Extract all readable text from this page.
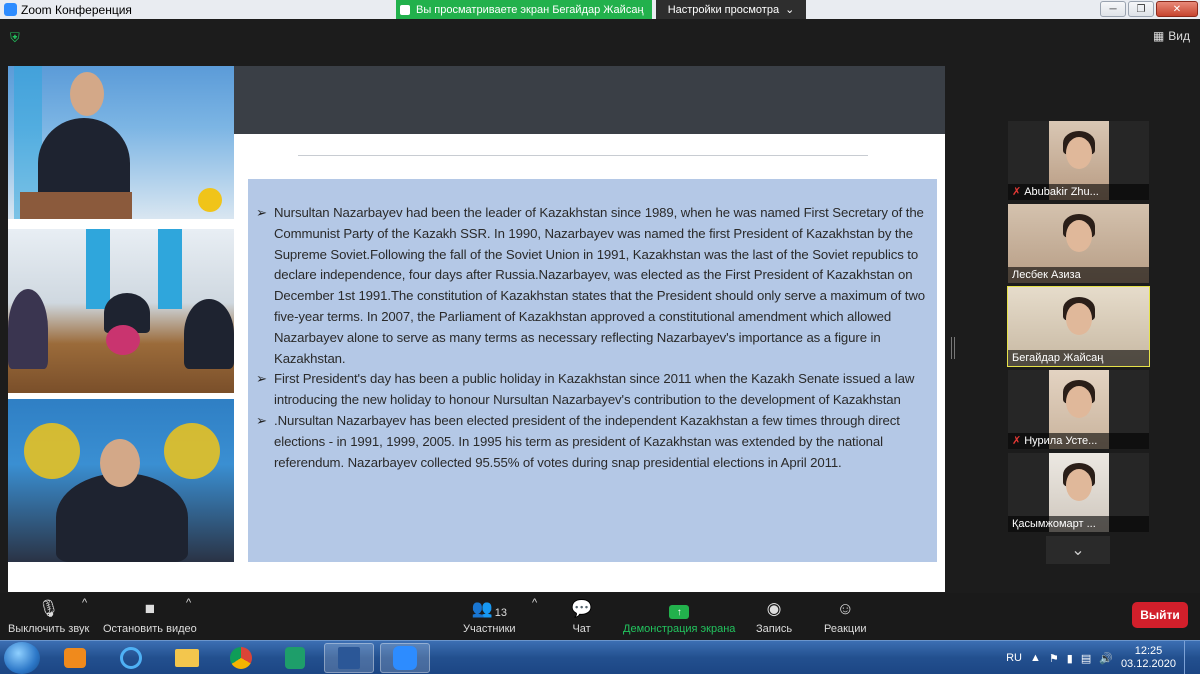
Zoom Конференция	Вы просматриваете экран Бегайдар Жайсаң Настройки просмотра ⌄	─	❐	✕
⛨	▦ Вид
➢ Nursultan Nazarbayev had been the leader of Kazakhstan since 1989, when he was named First Secretary of the Communist Party of the Kazakh SSR. In 1990, Nazarbayev was named the first President of Kazakhstan by the Supreme Soviet.Following the fall of the Soviet Union in 1991, Kazakhstan was the last of the Soviet republics to declare independence, four days after Russia.Nazarbayev, was elected as the First President of Kazakhstan on December 1st 1991.The constitution of Kazakhstan states that the President should only serve a maximum of two five-year terms. In 2007, the Parliament of Kazakhstan approved a constitutional amendment which allowed Nazarbayev alone to serve as many terms as necessary reflecting Nazarbayev's importance as a figure in Kazakhstan.
➢ First President's day has been a public holiday in Kazakhstan since 2011 when the Kazakh Senate issued a law introducing the new holiday to honour Nursultan Nazarbayev's contribution to the development of Kazakhstan
➢ .Nursultan Nazarbayev has been elected president of the independent Kazakhstan a few times through direct elections - in 1991, 1999, 2005. In 1995 his term as president of Kazakhstan was extended by the national referendum. Nazarbayev collected 95.55% of votes during snap presidential elections in April 2011.
✗ Abubakir Zhu...
Лесбек Азиза
Бегайдар Жайсаң
✗ Нурила Усте...
Қасымжомарт ...
⌄
🎙
Выключить звук
^	■
Остановить видео
^	👥 13
Участники
^ 💬
Чат
↑
Демонстрация экрана
◉
Запись
☺
Реакции
Выйти
RU ▲ ⚑ ▮ ▤ 🔊
12:25
03.12.2020
